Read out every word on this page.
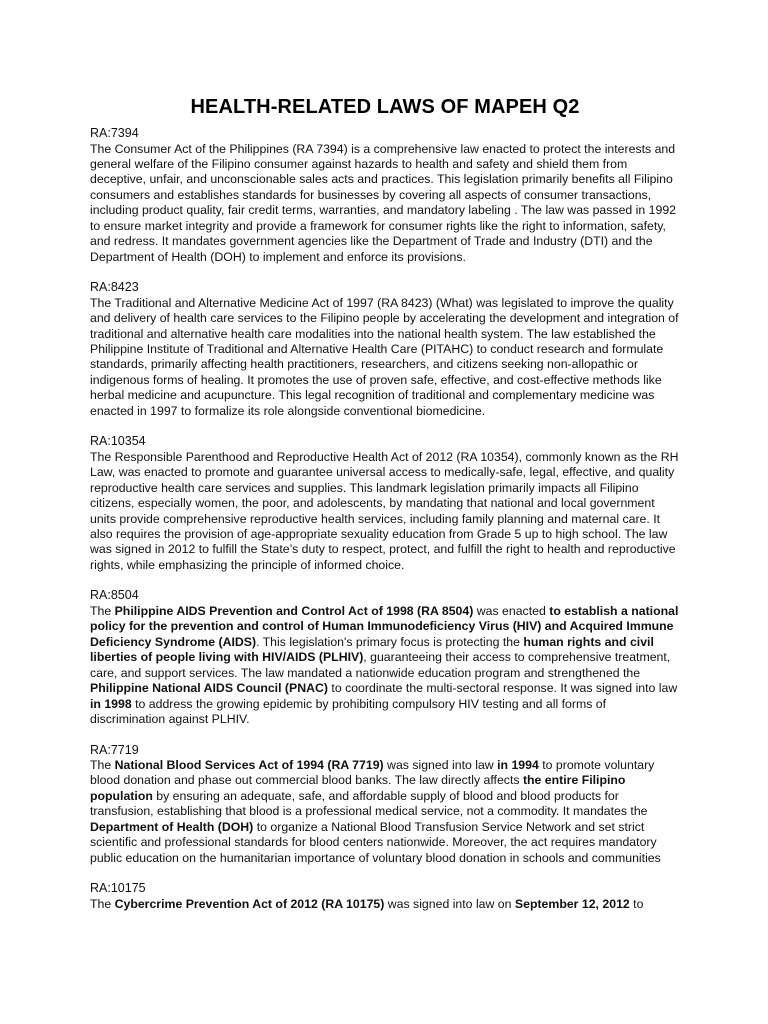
HEALTH-RELATED LAWS OF MAPEH Q2

RA:7394

The Consumer Act of the Philippines (RA 7394) is a comprehensive law enacted to protect the interests and general welfare of the Filipino consumer against hazards to health and safety and shield them from deceptive, unfair, and unconscionable sales acts and practices. This legislation primarily benefits all Filipino consumers and establishes standards for businesses by covering all aspects of consumer transactions, including product quality, fair credit terms, warranties, and mandatory labeling . The law was passed in 1992 to ensure market integrity and provide a framework for consumer rights like the right to information, safety, and redress. It mandates government agencies like the Department of Trade and Industry (DTI) and the Department of Health (DOH) to implement and enforce its provisions.

RA:8423

The Traditional and Alternative Medicine Act of 1997 (RA 8423) (What) was legislated to improve the quality and delivery of health care services to the Filipino people by accelerating the development and integration of traditional and alternative health care modalities into the national health system. The law established the Philippine Institute of Traditional and Alternative Health Care (PITAHC) to conduct research and formulate standards, primarily affecting health practitioners, researchers, and citizens seeking non-allopathic or indigenous forms of healing. It promotes the use of proven safe, effective, and cost-effective methods like herbal medicine and acupuncture. This legal recognition of traditional and complementary medicine was enacted in 1997 to formalize its role alongside conventional biomedicine.

RA:10354

The Responsible Parenthood and Reproductive Health Act of 2012 (RA 10354), commonly known as the RH Law, was enacted to promote and guarantee universal access to medically-safe, legal, effective, and quality reproductive health care services and supplies. This landmark legislation primarily impacts all Filipino citizens, especially women, the poor, and adolescents, by mandating that national and local government units provide comprehensive reproductive health services, including family planning and maternal care. It also requires the provision of age-appropriate sexuality education from Grade 5 up to high school. The law was signed in 2012 to fulfill the State’s duty to respect, protect, and fulfill the right to health and reproductive rights, while emphasizing the principle of informed choice.

RA:8504

The Philippine AIDS Prevention and Control Act of 1998 (RA 8504) was enacted to establish a national policy for the prevention and control of Human Immunodeficiency Virus (HIV) and Acquired Immune Deficiency Syndrome (AIDS). This legislation's primary focus is protecting the human rights and civil liberties of people living with HIV/AIDS (PLHIV), guaranteeing their access to comprehensive treatment, care, and support services. The law mandated a nationwide education program and strengthened the Philippine National AIDS Council (PNAC) to coordinate the multi-sectoral response. It was signed into law in 1998 to address the growing epidemic by prohibiting compulsory HIV testing and all forms of discrimination against PLHIV.

RA:7719

The National Blood Services Act of 1994 (RA 7719) was signed into law in 1994 to promote voluntary blood donation and phase out commercial blood banks. The law directly affects the entire Filipino population by ensuring an adequate, safe, and affordable supply of blood and blood products for transfusion, establishing that blood is a professional medical service, not a commodity. It mandates the Department of Health (DOH) to organize a National Blood Transfusion Service Network and set strict scientific and professional standards for blood centers nationwide. Moreover, the act requires mandatory public education on the humanitarian importance of voluntary blood donation in schools and communities

RA:10175

The Cybercrime Prevention Act of 2012 (RA 10175) was signed into law on September 12, 2012 to
